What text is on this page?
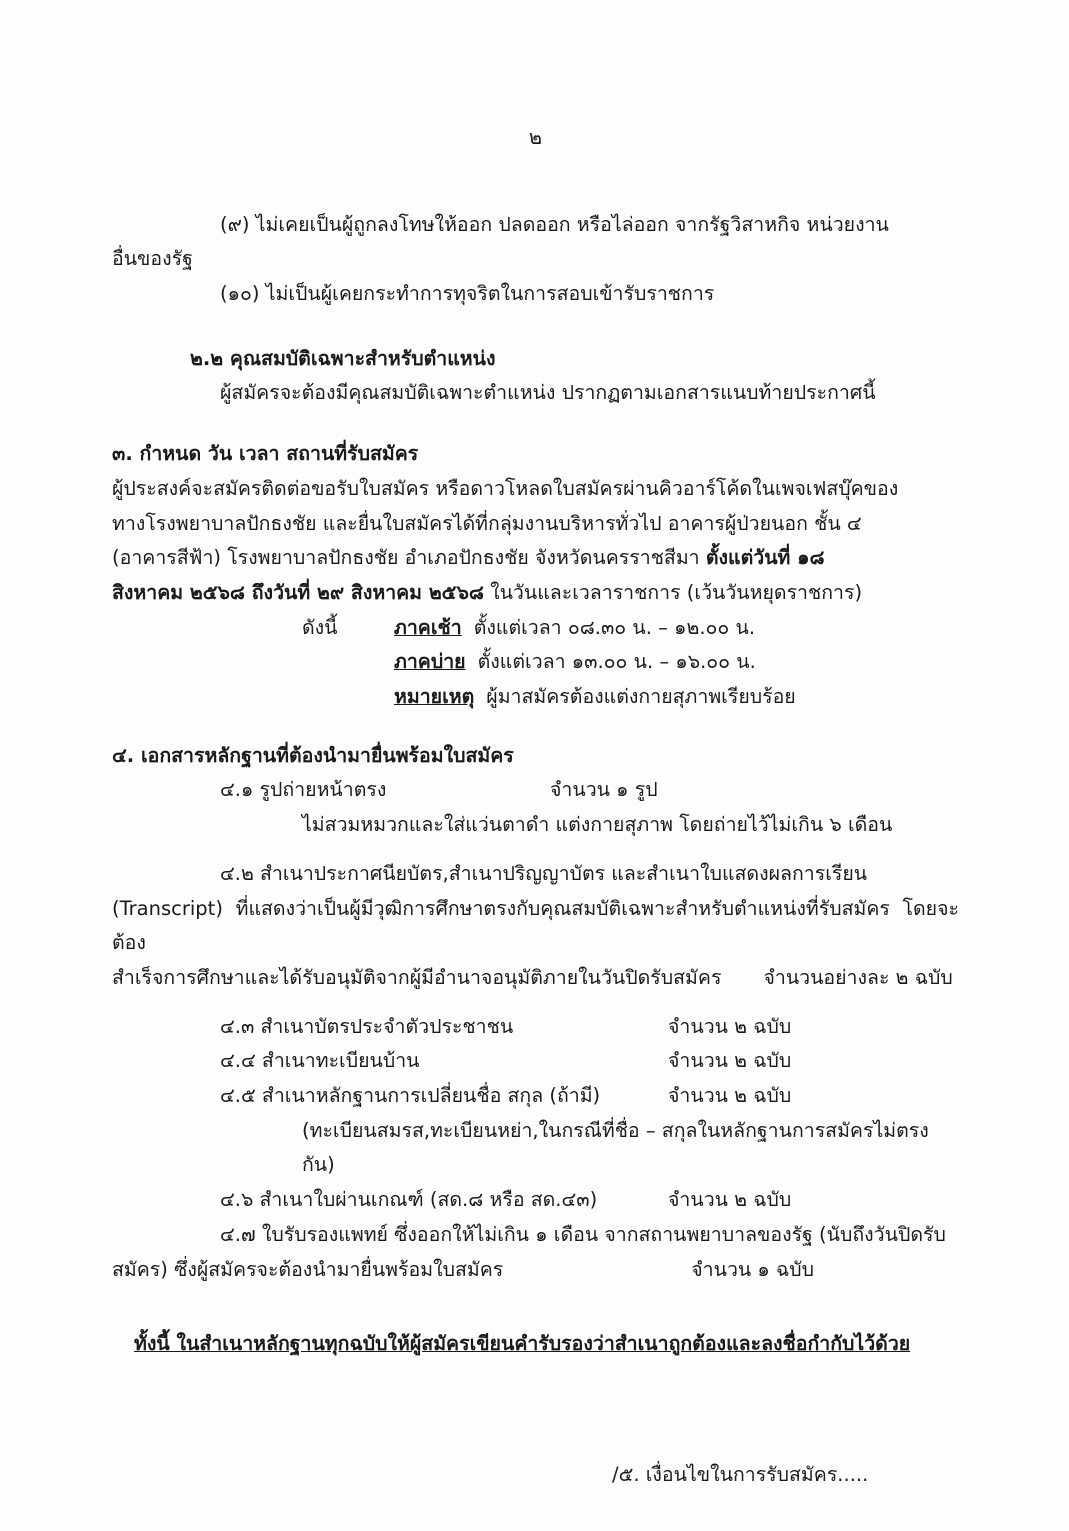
๒

(๙) ไม่เคยเป็นผู้ถูกลงโทษให้ออก ปลดออก หรือไล่ออก จากรัฐวิสาหกิจ หน่วยงาน

อื่นของรัฐ

(๑๐) ไม่เป็นผู้เคยกระทำการทุจริตในการสอบเข้ารับราชการ

๒.๒ คุณสมบัติเฉพาะสำหรับตำแหน่ง

ผู้สมัครจะต้องมีคุณสมบัติเฉพาะตำแหน่ง ปรากฏตามเอกสารแนบท้ายประกาศนี้

๓. กำหนด วัน เวลา สถานที่รับสมัคร

ผู้ประสงค์จะสมัครติดต่อขอรับใบสมัคร หรือดาวโหลดใบสมัครผ่านคิวอาร์โค้ดในเพจเฟสบุ๊คของ

ทางโรงพยาบาลปักธงชัย และยื่นใบสมัครได้ที่กลุ่มงานบริหารทั่วไป อาคารผู้ป่วยนอก ชั้น ๔

(อาคารสีฟ้า) โรงพยาบาลปักธงชัย อำเภอปักธงชัย จังหวัดนครราชสีมา ตั้งแต่วันที่ ๑๘

สิงหาคม ๒๕๖๘ ถึงวันที่ ๒๙ สิงหาคม ๒๕๖๘ ในวันและเวลาราชการ (เว้นวันหยุดราชการ)

ดังนี้	ภาคเช้า ตั้งแต่เวลา ๐๘.๓๐ น. – ๑๒.๐๐ น.
ภาคบ่าย ตั้งแต่เวลา ๑๓.๐๐ น. – ๑๖.๐๐ น.
หมายเหตุ ผู้มาสมัครต้องแต่งกายสุภาพเรียบร้อย

๔. เอกสารหลักฐานที่ต้องนำมายื่นพร้อมใบสมัคร

๔.๑ รูปถ่ายหน้าตรง	จำนวน ๑ รูป

ไม่สวมหมวกและใส่แว่นตาดำ แต่งกายสุภาพ โดยถ่ายไว้ไม่เกิน ๖ เดือน

๔.๒ สำเนาประกาศนียบัตร,สำเนาปริญญาบัตร และสำเนาใบแสดงผลการเรียน

(Transcript) ที่แสดงว่าเป็นผู้มีวุฒิการศึกษาตรงกับคุณสมบัติเฉพาะสำหรับตำแหน่งที่รับสมัคร โดยจะต้อง

สำเร็จการศึกษาและได้รับอนุมัติจากผู้มีอำนาจอนุมัติภายในวันปิดรับสมัคร จำนวนอย่างละ ๒ ฉบับ

๔.๓ สำเนาบัตรประจำตัวประชาชน	จำนวน ๒ ฉบับ
๔.๔ สำเนาทะเบียนบ้าน	จำนวน ๒ ฉบับ
๔.๕ สำเนาหลักฐานการเปลี่ยนชื่อ สกุล (ถ้ามี)	จำนวน ๒ ฉบับ

(ทะเบียนสมรส,ทะเบียนหย่า,ในกรณีที่ชื่อ – สกุลในหลักฐานการสมัครไม่ตรงกัน)

๔.๖ สำเนาใบผ่านเกณฑ์ (สด.๘ หรือ สด.๔๓)	จำนวน ๒ ฉบับ

๔.๗ ใบรับรองแพทย์ ซึ่งออกให้ไม่เกิน ๑ เดือน จากสถานพยาบาลของรัฐ (นับถึงวันปิดรับ

สมัคร) ซึ่งผู้สมัครจะต้องนำมายื่นพร้อมใบสมัคร	จำนวน ๑ ฉบับ

ทั้งนี้ ในสำเนาหลักฐานทุกฉบับให้ผู้สมัครเขียนคำรับรองว่าสำเนาถูกต้องและลงชื่อกำกับไว้ด้วย

/๕. เงื่อนไขในการรับสมัคร.....
